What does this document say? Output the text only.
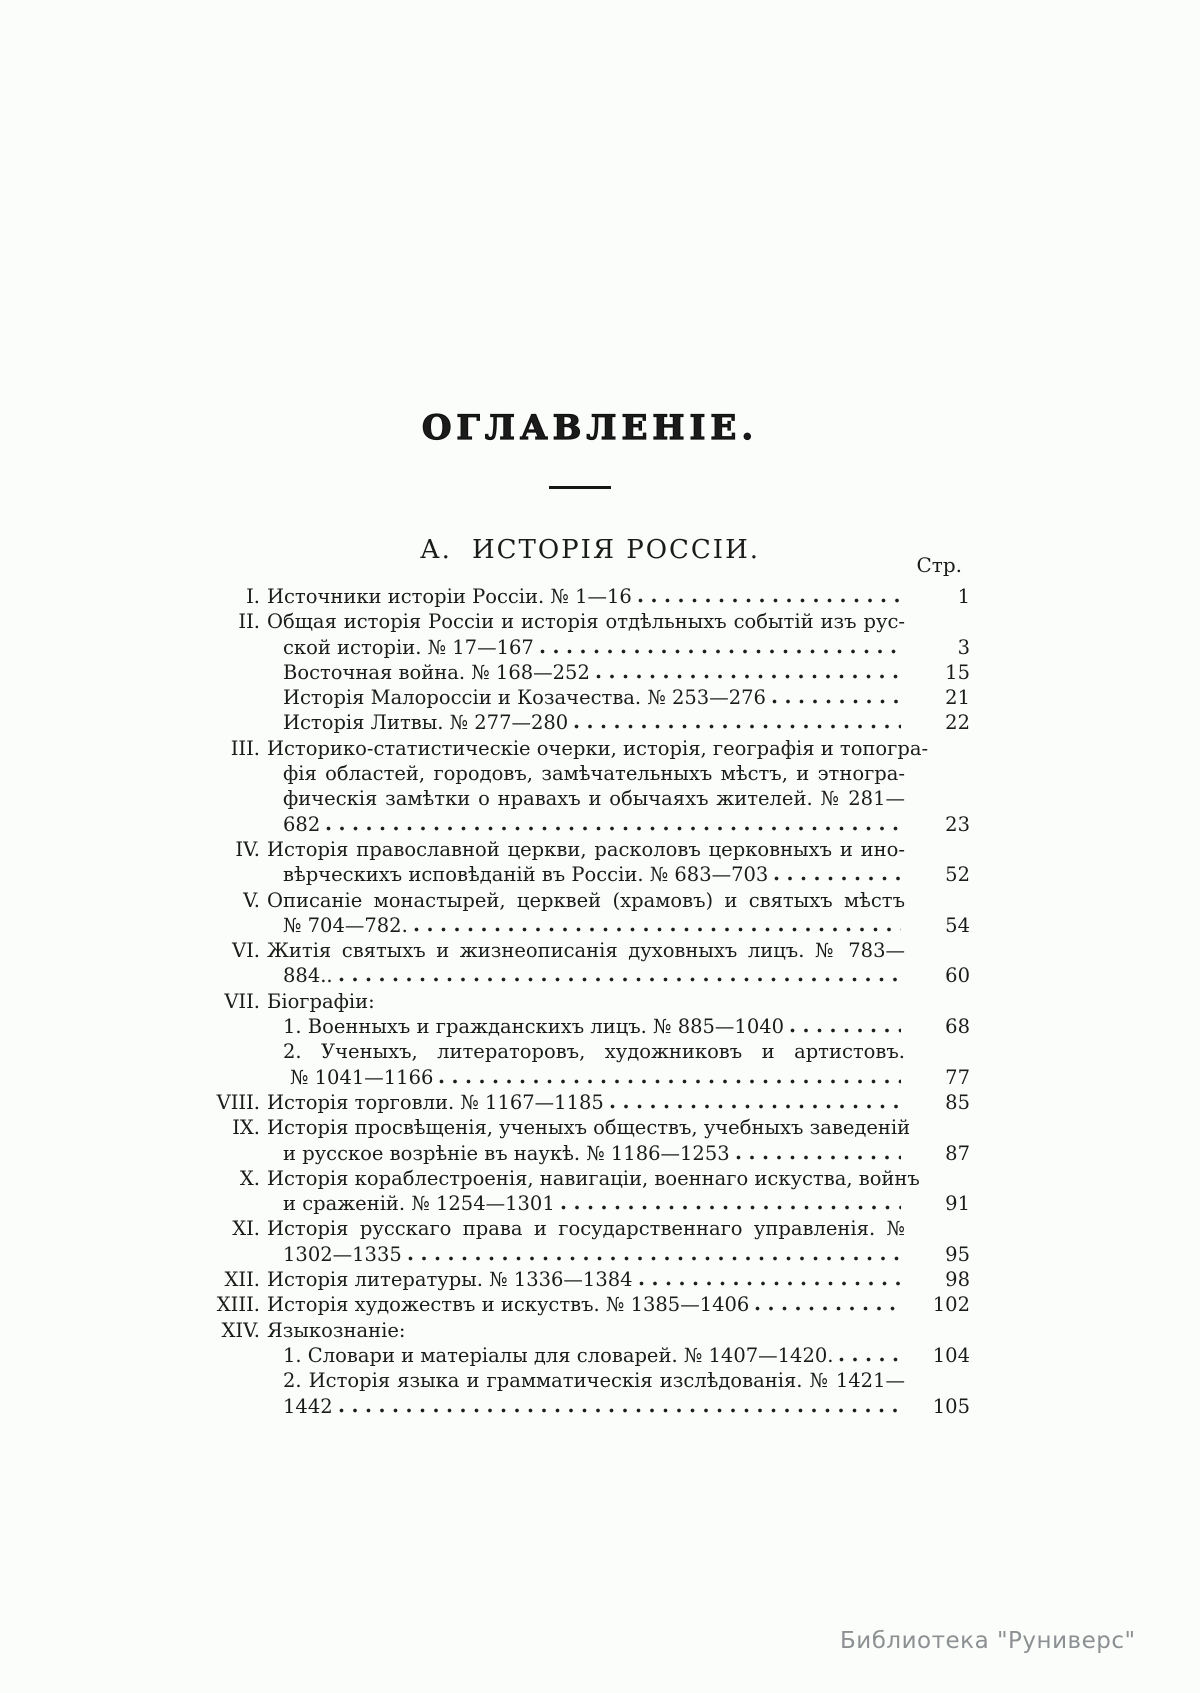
ОГЛАВЛЕНІЕ.
А. ИСТОРІЯ РОССІИ.	Стр.
I. Источники исторіи Россіи. № 1—16	1
II. Общая исторія Россіи и исторія отдѣльныхъ событій изъ рус-
ской исторіи. № 17—167	3
Восточная война. № 168—252	15
Исторія Малороссіи и Козачества. № 253—276	21
Исторія Литвы. № 277—280	22
III. Историко-статистическіе очерки, исторія, географія и топогра-
фія областей, городовъ, замѣчательныхъ мѣстъ, и этногра-
фическія замѣтки о нравахъ и обычаяхъ жителей. № 281—
682	23
IV. Исторія православной церкви, расколовъ церковныхъ и ино-
вѣрческихъ исповѣданій въ Россіи. № 683—703	52
V. Описаніе монастырей, церквей (храмовъ) и святыхъ мѣстъ
№ 704—782.	54
VI. Житія святыхъ и жизнеописанія духовныхъ лицъ. № 783—
884..	60
VII. Біографіи:
1. Военныхъ и гражданскихъ лицъ. № 885—1040	68
2. Ученыхъ, литераторовъ, художниковъ и артистовъ.
№ 1041—1166	77
VIII. Исторія торговли. № 1167—1185	85
IX. Исторія просвѣщенія, ученыхъ обществъ, учебныхъ заведеній
и русское возрѣніе въ наукѣ. № 1186—1253	87
X. Исторія кораблестроенія, навигаціи, военнаго искуства, войнъ
и сраженій. № 1254—1301	91
XI. Исторія русскаго права и государственнаго управленія. №
1302—1335	95
XII. Исторія литературы. № 1336—1384	98
XIII. Исторія художествъ и искуствъ. № 1385—1406	102
XIV. Языкознаніе:
1. Словари и матеріалы для словарей. № 1407—1420.	104
2. Исторія языка и грамматическія изслѣдованія. № 1421—
1442	105
Библиотека "Руниверс"
